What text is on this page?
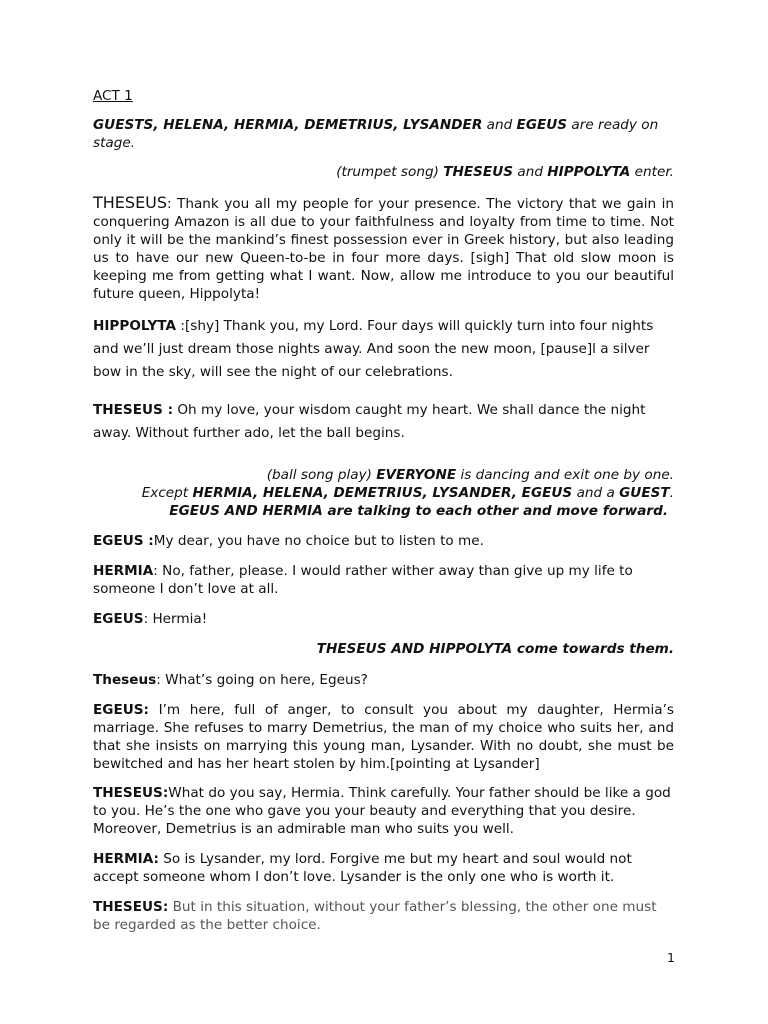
ACT 1

GUESTS, HELENA, HERMIA, DEMETRIUS, LYSANDER and EGEUS are ready on stage.

(trumpet song) THESEUS and HIPPOLYTA enter.

THESEUS: Thank you all my people for your presence. The victory that we gain in conquering Amazon is all due to your faithfulness and loyalty from time to time. Not only it will be the mankind’s finest possession ever in Greek history, but also leading us to have our new Queen-to-be in four more days. [sigh] That old slow moon is keeping me from getting what I want. Now, allow me introduce to you our beautiful future queen, Hippolyta!

HIPPOLYTA :[shy] Thank you, my Lord. Four days will quickly turn into four nights and we’ll just dream those nights away. And soon the new moon, [pause]l a silver bow in the sky, will see the night of our celebrations.

THESEUS : Oh my love, your wisdom caught my heart. We shall dance the night away. Without further ado, let the ball begins.

(ball song play) EVERYONE is dancing and exit one by one.

Except HERMIA, HELENA, DEMETRIUS, LYSANDER, EGEUS and a GUEST.

EGEUS AND HERMIA are talking to each other and move forward.

EGEUS :My dear, you have no choice but to listen to me.

HERMIA: No, father, please. I would rather wither away than give up my life to someone I don’t love at all.

EGEUS: Hermia!

THESEUS AND HIPPOLYTA come towards them.

Theseus: What’s going on here, Egeus?

EGEUS: I’m here, full of anger, to consult you about my daughter, Hermia’s marriage. She refuses to marry Demetrius, the man of my choice who suits her, and that she insists on marrying this young man, Lysander. With no doubt, she must be bewitched and has her heart stolen by him.[pointing at Lysander]

THESEUS:What do you say, Hermia. Think carefully. Your father should be like a god to you. He’s the one who gave you your beauty and everything that you desire. Moreover, Demetrius is an admirable man who suits you well.

HERMIA: So is Lysander, my lord. Forgive me but my heart and soul would not accept someone whom I don’t love. Lysander is the only one who is worth it.

THESEUS: But in this situation, without your father’s blessing, the other one must be regarded as the better choice.

1
